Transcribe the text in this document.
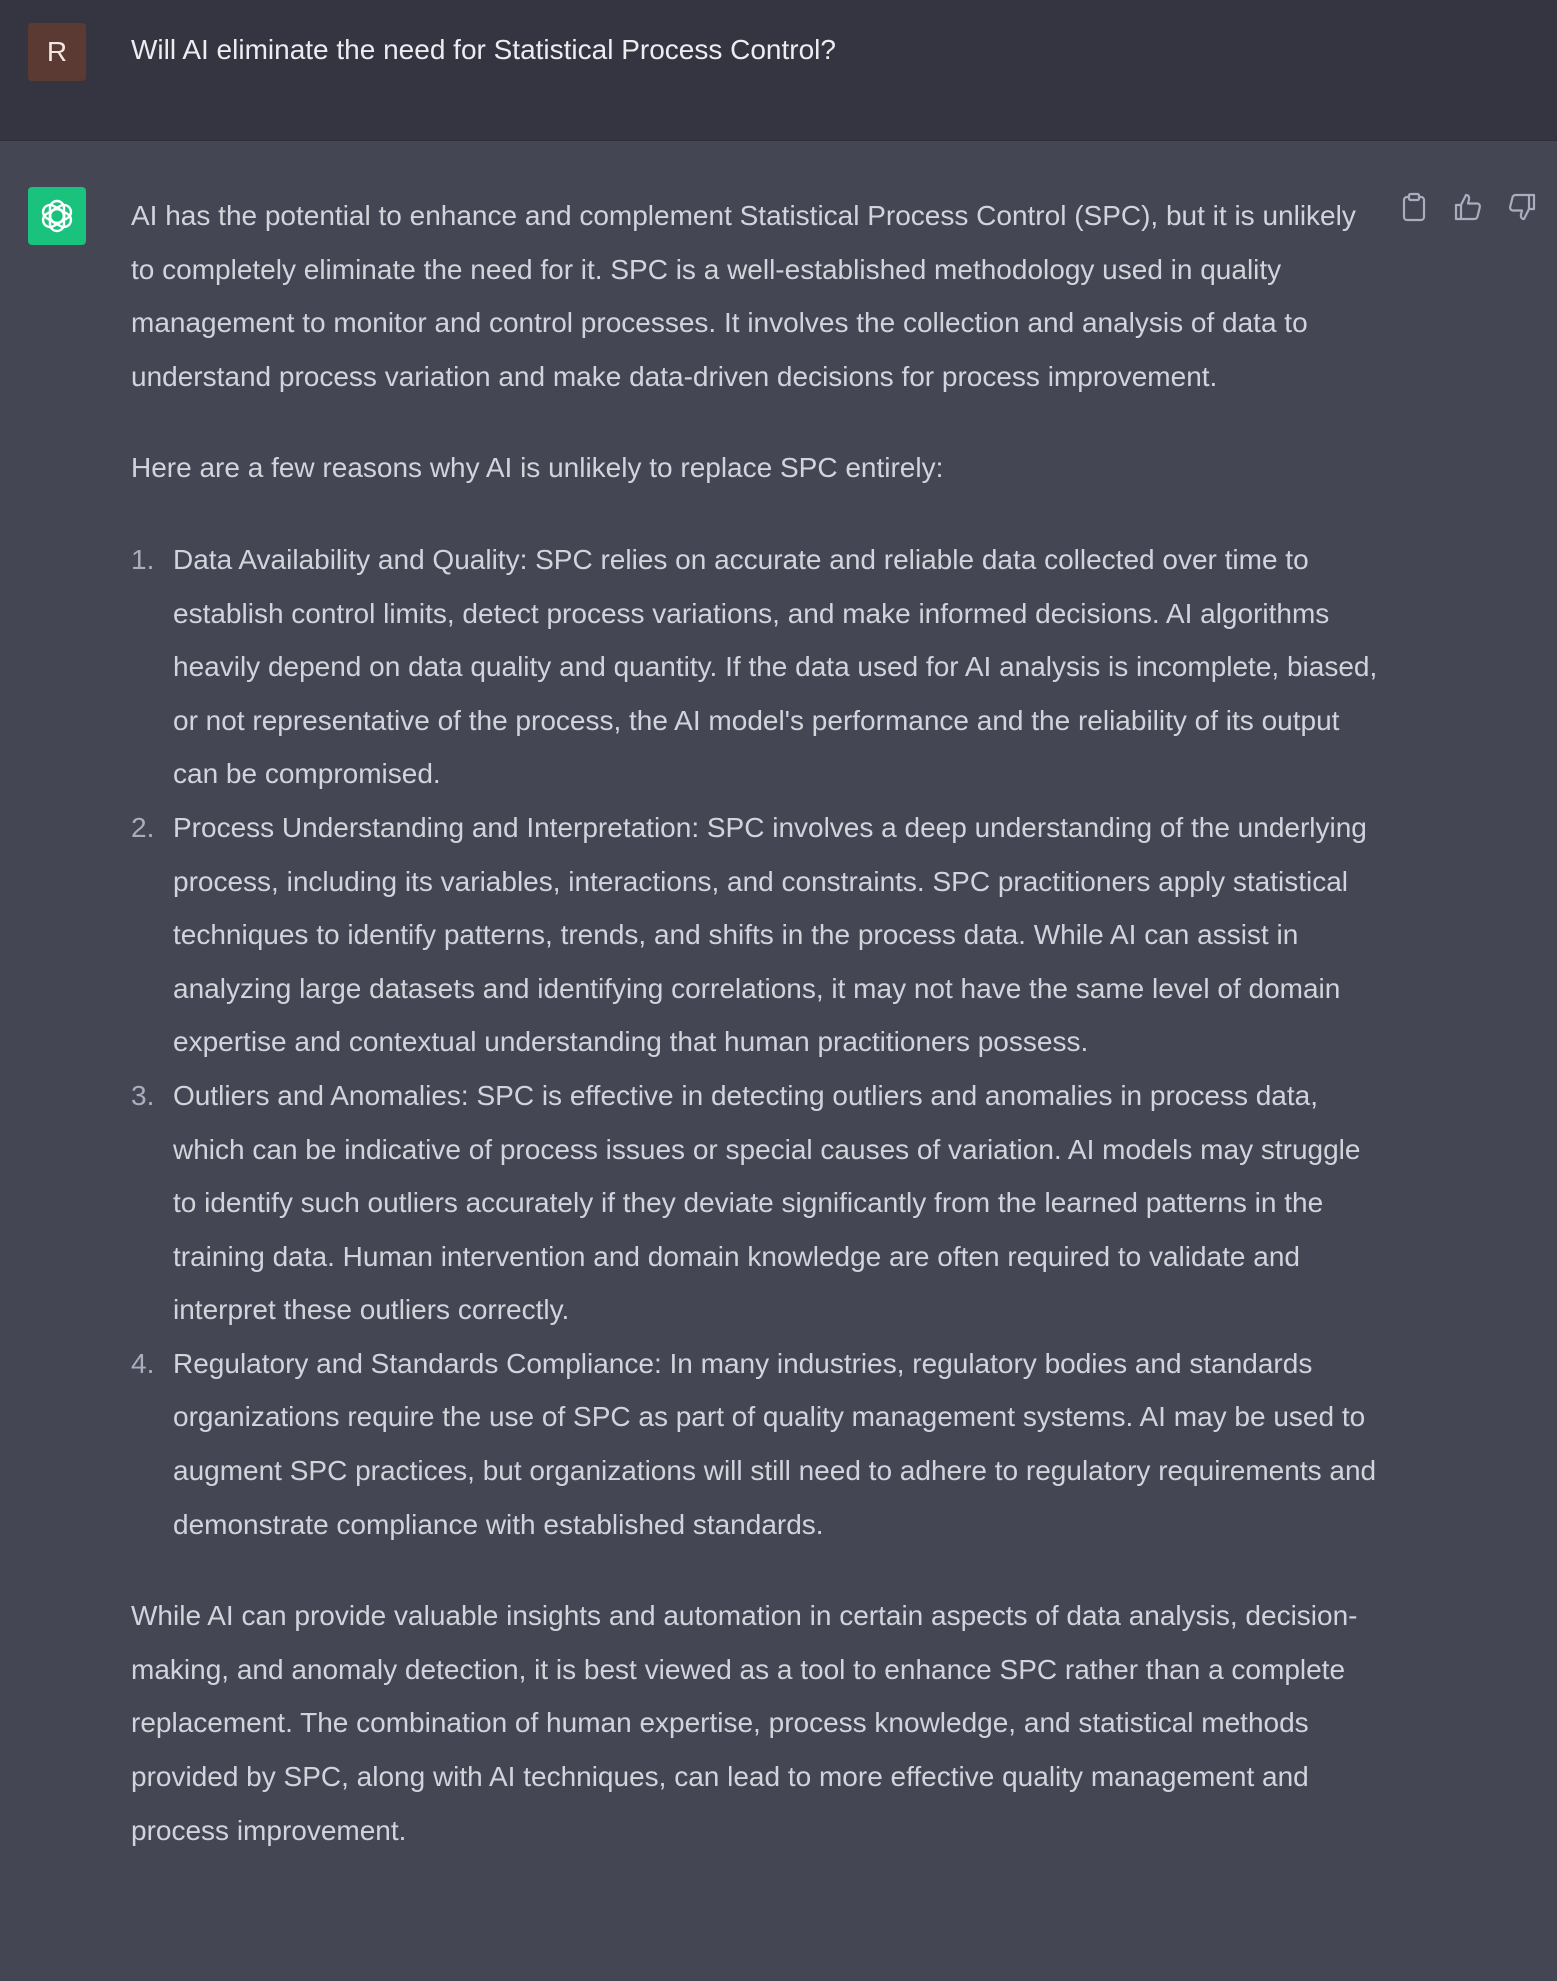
R	Will AI eliminate the need for Statistical Process Control?

AI has the potential to enhance and complement Statistical Process Control (SPC), but it is unlikely to completely eliminate the need for it. SPC is a well-established methodology used in quality management to monitor and control processes. It involves the collection and analysis of data to understand process variation and make data-driven decisions for process improvement.

Here are a few reasons why AI is unlikely to replace SPC entirely:

1. Data Availability and Quality: SPC relies on accurate and reliable data collected over time to establish control limits, detect process variations, and make informed decisions. AI algorithms heavily depend on data quality and quantity. If the data used for AI analysis is incomplete, biased, or not representative of the process, the AI model's performance and the reliability of its output can be compromised.
2. Process Understanding and Interpretation: SPC involves a deep understanding of the underlying process, including its variables, interactions, and constraints. SPC practitioners apply statistical techniques to identify patterns, trends, and shifts in the process data. While AI can assist in analyzing large datasets and identifying correlations, it may not have the same level of domain expertise and contextual understanding that human practitioners possess.
3. Outliers and Anomalies: SPC is effective in detecting outliers and anomalies in process data, which can be indicative of process issues or special causes of variation. AI models may struggle to identify such outliers accurately if they deviate significantly from the learned patterns in the training data. Human intervention and domain knowledge are often required to validate and interpret these outliers correctly.
4. Regulatory and Standards Compliance: In many industries, regulatory bodies and standards organizations require the use of SPC as part of quality management systems. AI may be used to augment SPC practices, but organizations will still need to adhere to regulatory requirements and demonstrate compliance with established standards.

While AI can provide valuable insights and automation in certain aspects of data analysis, decision-making, and anomaly detection, it is best viewed as a tool to enhance SPC rather than a complete replacement. The combination of human expertise, process knowledge, and statistical methods provided by SPC, along with AI techniques, can lead to more effective quality management and process improvement.
